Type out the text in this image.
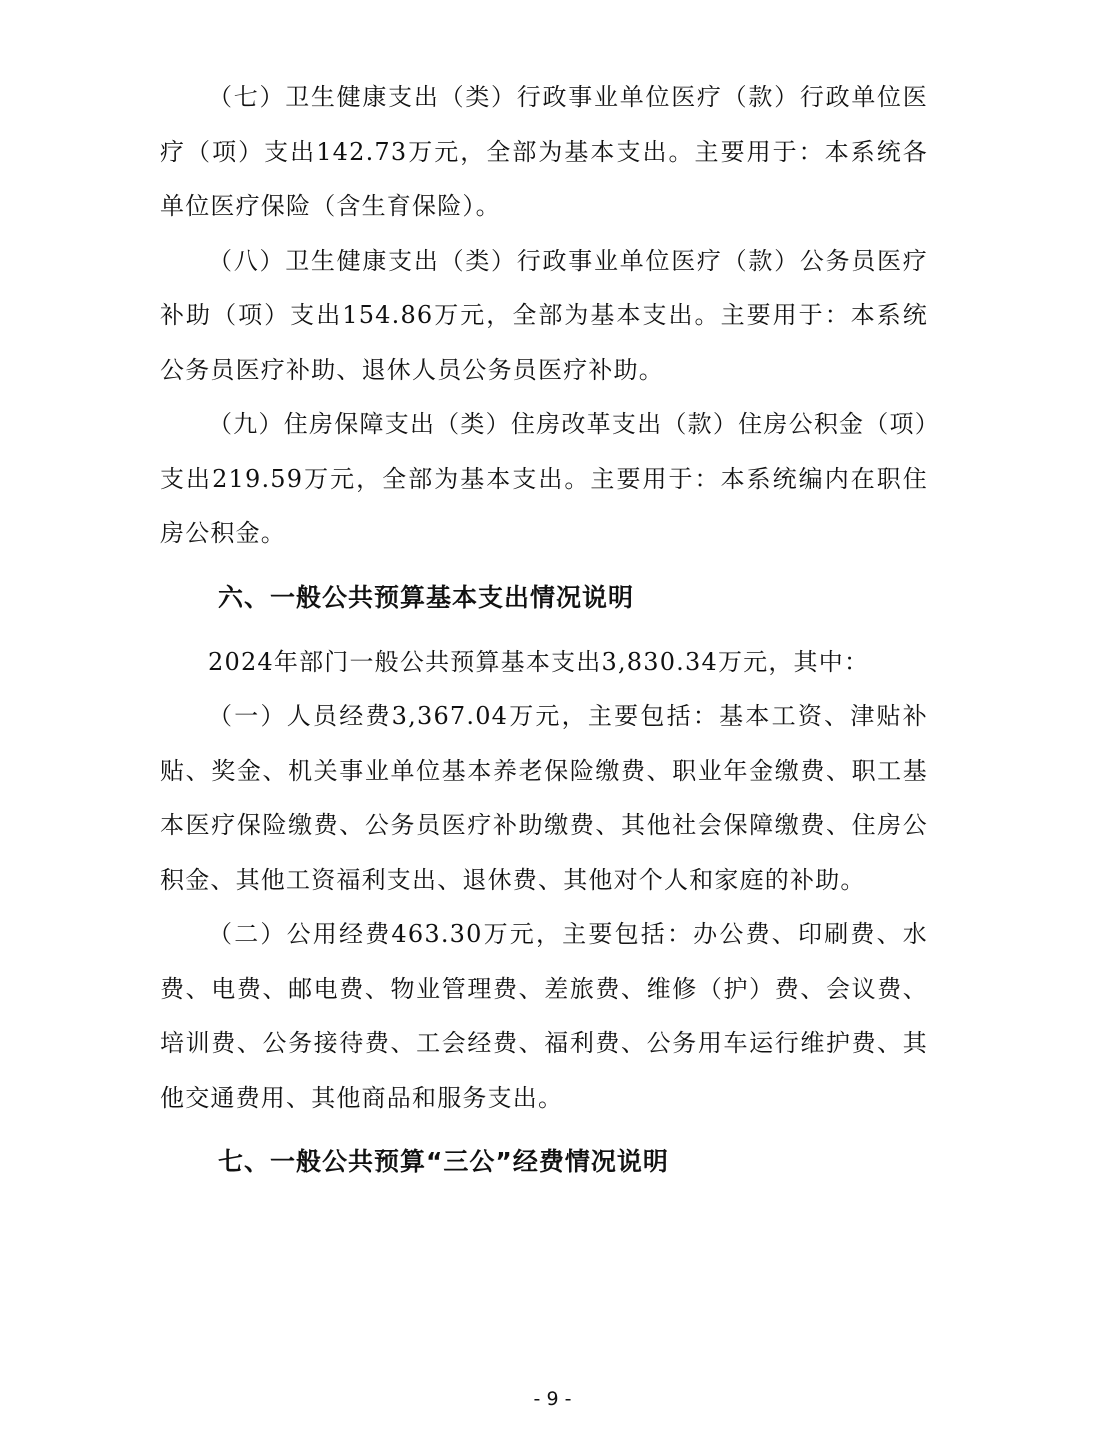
（七）卫生健康支出（类）行政事业单位医疗（款）行政单位医疗（项）支出142.73万元，全部为基本支出。主要用于：本系统各单位医疗保险（含生育保险）。

（八）卫生健康支出（类）行政事业单位医疗（款）公务员医疗补助（项）支出154.86万元，全部为基本支出。主要用于：本系统公务员医疗补助、退休人员公务员医疗补助。

（九）住房保障支出（类）住房改革支出（款）住房公积金（项）支出219.59万元，全部为基本支出。主要用于：本系统编内在职住房公积金。

六、一般公共预算基本支出情况说明

2024年部门一般公共预算基本支出3,830.34万元，其中：

（一）人员经费3,367.04万元，主要包括：基本工资、津贴补贴、奖金、机关事业单位基本养老保险缴费、职业年金缴费、职工基本医疗保险缴费、公务员医疗补助缴费、其他社会保障缴费、住房公积金、其他工资福利支出、退休费、其他对个人和家庭的补助。

（二）公用经费463.30万元，主要包括：办公费、印刷费、水费、电费、邮电费、物业管理费、差旅费、维修（护）费、会议费、培训费、公务接待费、工会经费、福利费、公务用车运行维护费、其他交通费用、其他商品和服务支出。

七、一般公共预算“三公”经费情况说明
- 9 -
